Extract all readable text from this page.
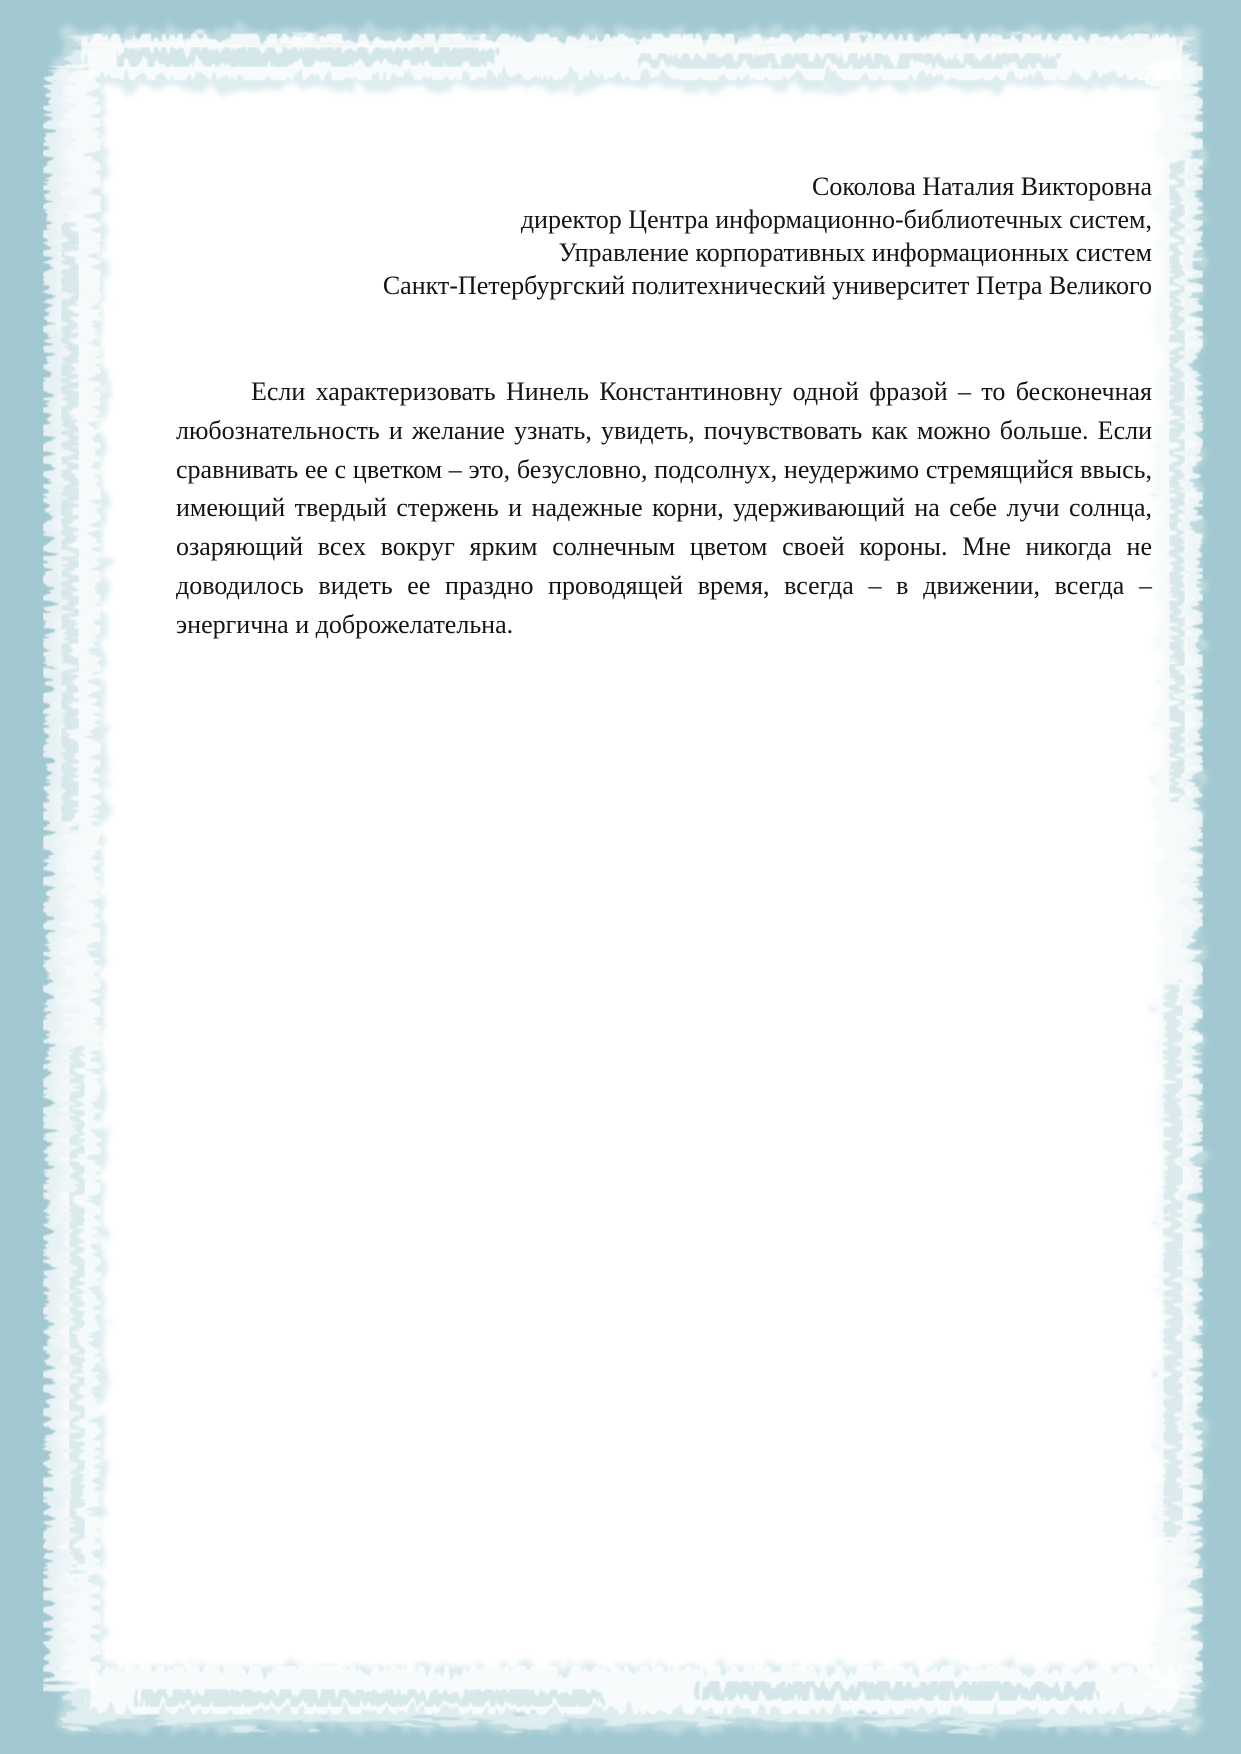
Соколова Наталия Викторовна
директор Центра информационно-библиотечных систем,
Управление корпоративных информационных систем
Санкт-Петербургский политехнический университет Петра Великого

Если характеризовать Нинель Константиновну одной фразой – то бесконечная любознательность и желание узнать, увидеть, почувствовать как можно больше. Если сравнивать ее с цветком – это, безусловно, подсолнух, неудержимо стремящийся ввысь, имеющий твердый стержень и надежные корни, удерживающий на себе лучи солнца, озаряющий всех вокруг ярким солнечным цветом своей короны. Мне никогда не доводилось видеть ее праздно проводящей время, всегда – в движении, всегда – энергична и доброжелательна.
